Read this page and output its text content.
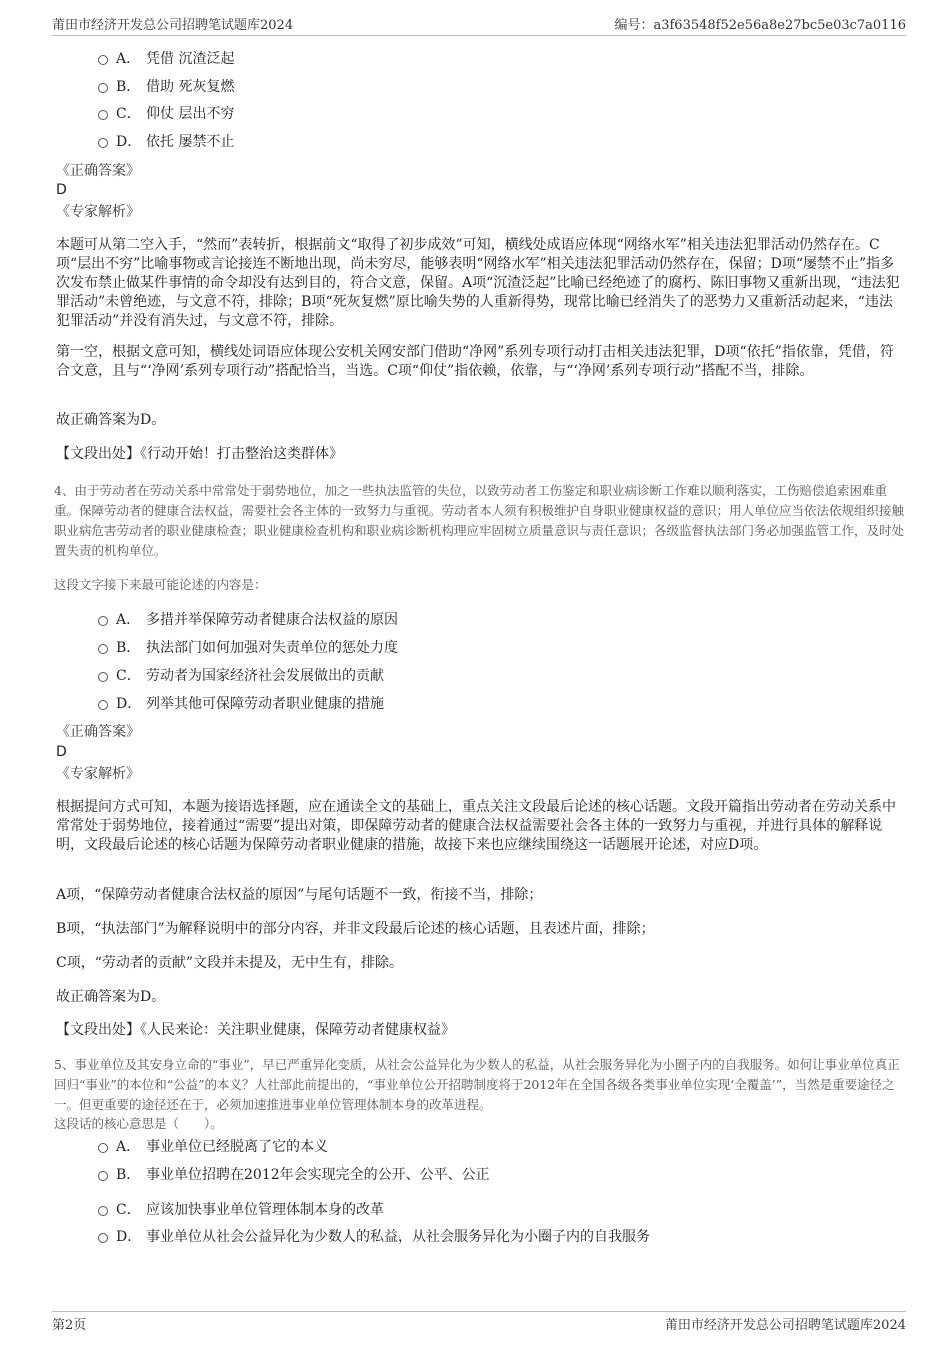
莆田市经济开发总公司招聘笔试题库2024	编号：a3f63548f52e56a8e27bc5e03c7a0116
A． 凭借 沉渣泛起
B． 借助 死灰复燃
C． 仰仗 层出不穷
D． 依托 屡禁不止
《正确答案》
D
《专家解析》
本题可从第二空入手，“然而”表转折，根据前文“取得了初步成效”可知，横线处成语应体现“网络水军”相关违法犯罪活动仍然存在。C项“层出不穷”比喻事物或言论接连不断地出现，尚未穷尽，能够表明“网络水军”相关违法犯罪活动仍然存在，保留；D项“屡禁不止”指多次发布禁止做某件事情的命令却没有达到目的，符合文意，保留。A项“沉渣泛起”比喻已经绝迹了的腐朽、陈旧事物又重新出现，“违法犯罪活动”未曾绝迹，与文意不符，排除；B项“死灰复燃”原比喻失势的人重新得势，现常比喻已经消失了的恶势力又重新活动起来，“违法犯罪活动”并没有消失过，与文意不符，排除。
第一空，根据文意可知，横线处词语应体现公安机关网安部门借助“净网”系列专项行动打击相关违法犯罪，D项“依托”指依靠，凭借，符合文意，且与“‘净网’系列专项行动”搭配恰当，当选。C项“仰仗”指依赖，依靠，与“‘净网’系列专项行动”搭配不当，排除。
故正确答案为D。
【文段出处】《行动开始！打击整治这类群体》
4、由于劳动者在劳动关系中常常处于弱势地位，加之一些执法监管的失位，以致劳动者工伤鉴定和职业病诊断工作难以顺利落实，工伤赔偿追索困难重重。保障劳动者的健康合法权益，需要社会各主体的一致努力与重视。劳动者本人须有积极维护自身职业健康权益的意识；用人单位应当依法依规组织接触职业病危害劳动者的职业健康检查；职业健康检查机构和职业病诊断机构理应牢固树立质量意识与责任意识；各级监督执法部门务必加强监管工作，及时处置失责的机构单位。
这段文字接下来最可能论述的内容是：
A． 多措并举保障劳动者健康合法权益的原因
B． 执法部门如何加强对失责单位的惩处力度
C． 劳动者为国家经济社会发展做出的贡献
D． 列举其他可保障劳动者职业健康的措施
《正确答案》
D
《专家解析》
根据提问方式可知，本题为接语选择题，应在通读全文的基础上，重点关注文段最后论述的核心话题。文段开篇指出劳动者在劳动关系中常常处于弱势地位，接着通过“需要”提出对策，即保障劳动者的健康合法权益需要社会各主体的一致努力与重视，并进行具体的解释说明，文段最后论述的核心话题为保障劳动者职业健康的措施，故接下来也应继续围绕这一话题展开论述，对应D项。
A项，“保障劳动者健康合法权益的原因”与尾句话题不一致，衔接不当，排除；
B项，“执法部门”为解释说明中的部分内容，并非文段最后论述的核心话题，且表述片面，排除；
C项，“劳动者的贡献”文段并未提及，无中生有，排除。
故正确答案为D。
【文段出处】《人民来论：关注职业健康，保障劳动者健康权益》
5、事业单位及其安身立命的“事业”，早已严重异化变质，从社会公益异化为少数人的私益，从社会服务异化为小圈子内的自我服务。如何让事业单位真正回归“事业”的本位和“公益”的本义？人社部此前提出的，“事业单位公开招聘制度将于2012年在全国各级各类事业单位实现‘全覆盖’”，当然是重要途径之一。但更重要的途径还在于，必须加速推进事业单位管理体制本身的改革进程。
这段话的核心意思是（　　）。
A． 事业单位已经脱离了它的本义
B． 事业单位招聘在2012年会实现完全的公开、公平、公正
C． 应该加快事业单位管理体制本身的改革
D． 事业单位从社会公益异化为少数人的私益，从社会服务异化为小圈子内的自我服务
第2页	莆田市经济开发总公司招聘笔试题库2024
